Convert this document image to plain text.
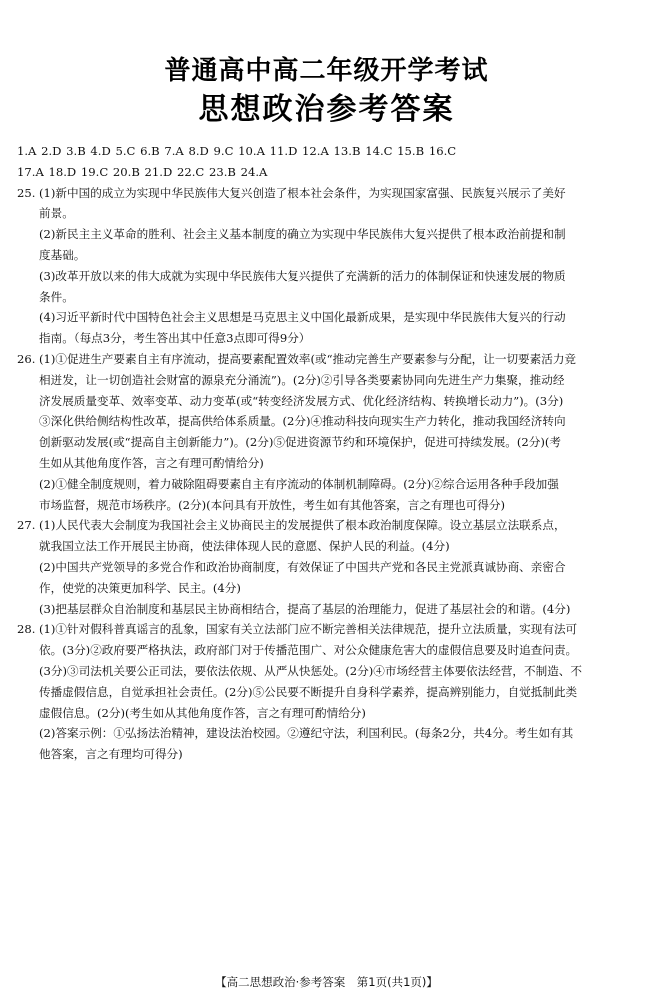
普通高中高二年级开学考试
思想政治参考答案
1.A 2.D 3.B 4.D 5.C 6.B 7.A 8.D 9.C 10.A 11.D 12.A 13.B 14.C 15.B 16.C
17.A 18.D 19.C 20.B 21.D 22.C 23.B 24.A
25. (1)新中国的成立为实现中华民族伟大复兴创造了根本社会条件，为实现国家富强、民族复兴展示了美好
前景。
(2)新民主主义革命的胜利、社会主义基本制度的确立为实现中华民族伟大复兴提供了根本政治前提和制
度基础。
(3)改革开放以来的伟大成就为实现中华民族伟大复兴提供了充满新的活力的体制保证和快速发展的物质
条件。
(4)习近平新时代中国特色社会主义思想是马克思主义中国化最新成果，是实现中华民族伟大复兴的行动
指南。（每点3分，考生答出其中任意3点即可得9分）
26. (1)①促进生产要素自主有序流动，提高要素配置效率(或“推动完善生产要素参与分配，让一切要素活力竞
相迸发，让一切创造社会财富的源泉充分涌流”)。(2分)②引导各类要素协同向先进生产力集聚，推动经
济发展质量变革、效率变革、动力变革(或“转变经济发展方式、优化经济结构、转换增长动力”)。(3分)
③深化供给侧结构性改革，提高供给体系质量。(2分)④推动科技向现实生产力转化，推动我国经济转向
创新驱动发展(或“提高自主创新能力”)。(2分)⑤促进资源节约和环境保护，促进可持续发展。(2分)(考
生如从其他角度作答，言之有理可酌情给分)
(2)①健全制度规则，着力破除阻碍要素自主有序流动的体制机制障碍。(2分)②综合运用各种手段加强
市场监督，规范市场秩序。(2分)(本问具有开放性，考生如有其他答案，言之有理也可得分)
27. (1)人民代表大会制度为我国社会主义协商民主的发展提供了根本政治制度保障。设立基层立法联系点，
就我国立法工作开展民主协商，使法律体现人民的意愿、保护人民的利益。(4分)
(2)中国共产党领导的多党合作和政治协商制度，有效保证了中国共产党和各民主党派真诚协商、亲密合
作，使党的决策更加科学、民主。(4分)
(3)把基层群众自治制度和基层民主协商相结合，提高了基层的治理能力，促进了基层社会的和谐。(4分)
28. (1)①针对假科普真谣言的乱象，国家有关立法部门应不断完善相关法律规范，提升立法质量，实现有法可
依。(3分)②政府要严格执法，政府部门对于传播范围广、对公众健康危害大的虚假信息要及时追查问责。
(3分)③司法机关要公正司法，要依法依规、从严从快惩处。(2分)④市场经营主体要依法经营，不制造、不
传播虚假信息，自觉承担社会责任。(2分)⑤公民要不断提升自身科学素养，提高辨别能力，自觉抵制此类
虚假信息。(2分)(考生如从其他角度作答，言之有理可酌情给分)
(2)答案示例：①弘扬法治精神，建设法治校园。②遵纪守法，利国利民。(每条2分，共4分。考生如有其
他答案，言之有理均可得分)
【高二思想政治·参考答案　第1页(共1页)】
